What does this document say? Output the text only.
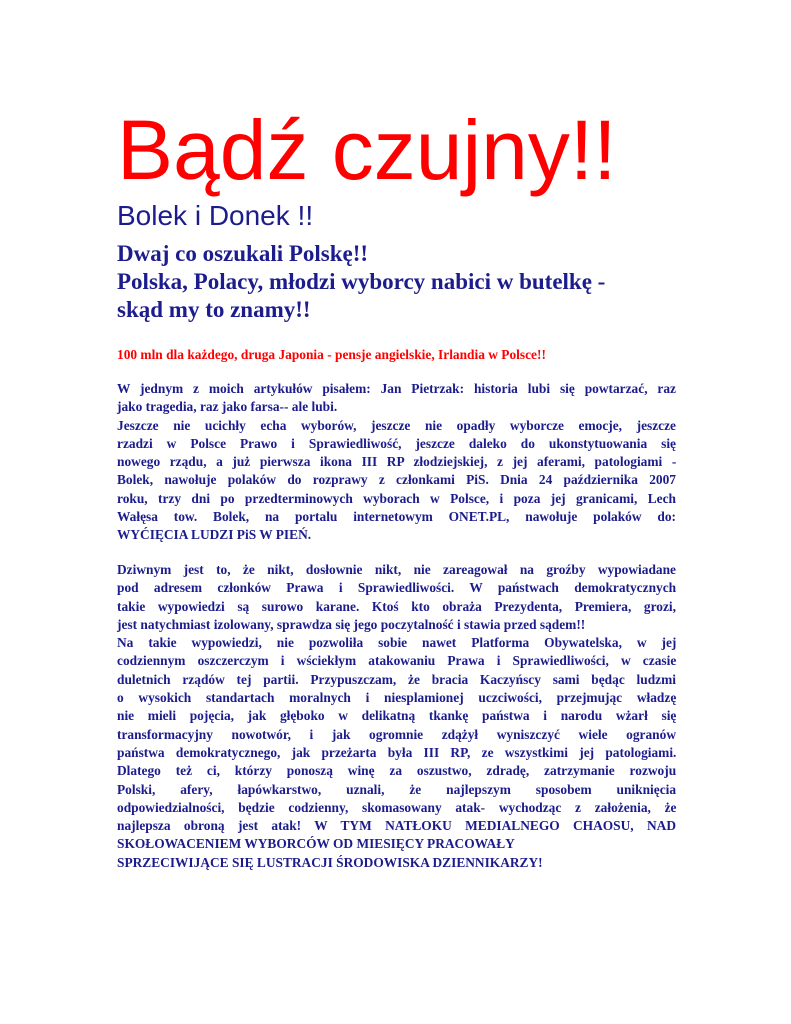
Bądź czujny!!
Bolek i Donek !!
Dwaj co oszukali Polskę!!
Polska, Polacy, młodzi wyborcy nabici w butelkę -
skąd my to znamy!!

100 mln dla każdego, druga Japonia - pensje angielskie, Irlandia w Polsce!!

W jednym z moich artykułów pisałem: Jan Pietrzak: historia lubi się powtarzać, raz
jako tragedia, raz jako farsa-- ale lubi.
Jeszcze nie ucichły echa wyborów, jeszcze nie opadły wyborcze emocje, jeszcze
rzadzi w Polsce Prawo i Sprawiedliwość, jeszcze daleko do ukonstytuowania się
nowego rządu, a już pierwsza ikona III RP złodziejskiej, z jej aferami, patologiami -
Bolek, nawołuje polaków do rozprawy z członkami PiS. Dnia 24 października 2007
roku, trzy dni po przedterminowych wyborach w Polsce, i poza jej granicami, Lech
Wałęsa tow. Bolek, na portalu internetowym ONET.PL, nawołuje polaków do:
WYĆIĘCIA LUDZI PiS W PIEŃ.
Dziwnym jest to, że nikt, dosłownie nikt, nie zareagował na groźby wypowiadane
pod adresem członków Prawa i Sprawiedliwości. W państwach demokratycznych
takie wypowiedzi są surowo karane. Ktoś kto obraża Prezydenta, Premiera, grozi,
jest natychmiast izolowany, sprawdza się jego poczytalność i stawia przed sądem!!
Na takie wypowiedzi, nie pozwoliła sobie nawet Platforma Obywatelska, w jej
codziennym oszczerczym i wściekłym atakowaniu Prawa i Sprawiedliwości, w czasie
duletnich rządów tej partii. Przypuszczam, że bracia Kaczyńscy sami będąc ludzmi
o wysokich standartach moralnych i niesplamionej uczciwości, przejmując władzę
nie mieli pojęcia, jak głęboko w delikatną tkankę państwa i narodu wżarł się
transformacyjny nowotwór, i jak ogromnie zdążył wyniszczyć wiele ogranów
państwa demokratycznego, jak przeżarta była III RP, ze wszystkimi jej patologiami.
Dlatego też ci, którzy ponoszą winę za oszustwo, zdradę, zatrzymanie rozwoju
Polski, afery, łapówkarstwo, uznali, że najlepszym sposobem uniknięcia
odpowiedzialności, będzie codzienny, skomasowany atak- wychodząc z założenia, że
najlepsza obroną jest atak! W TYM NATŁOKU MEDIALNEGO CHAOSU, NAD
SKOŁOWACENIEM WYBORCÓW OD MIESIĘCY PRACOWAŁY
SPRZECIWIJĄCE SIĘ LUSTRACJI ŚRODOWISKA DZIENNIKARZY!
